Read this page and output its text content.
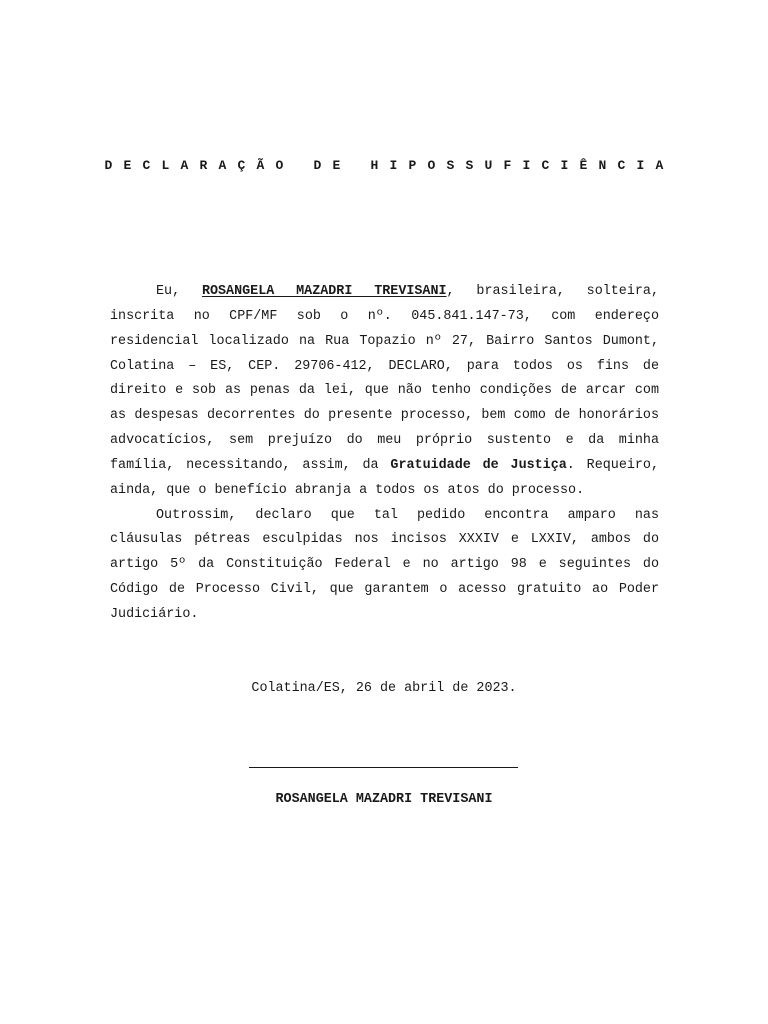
DECLARAÇÃO DE HIPOSSUFICIÊNCIA

Eu, ROSANGELA MAZADRI TREVISANI, brasileira, solteira, inscrita no CPF/MF sob o nº. 045.841.147-73, com endereço residencial localizado na Rua Topazio nº 27, Bairro Santos Dumont, Colatina – ES, CEP. 29706-412, DECLARO, para todos os fins de direito e sob as penas da lei, que não tenho condições de arcar com as despesas decorrentes do presente processo, bem como de honorários advocatícios, sem prejuízo do meu próprio sustento e da minha família, necessitando, assim, da Gratuidade de Justiça. Requeiro, ainda, que o benefício abranja a todos os atos do processo.

Outrossim, declaro que tal pedido encontra amparo nas cláusulas pétreas esculpidas nos incisos XXXIV e LXXIV, ambos do artigo 5º da Constituição Federal e no artigo 98 e seguintes do Código de Processo Civil, que garantem o acesso gratuito ao Poder Judiciário.

Colatina/ES, 26 de abril de 2023.
ROSANGELA MAZADRI TREVISANI
